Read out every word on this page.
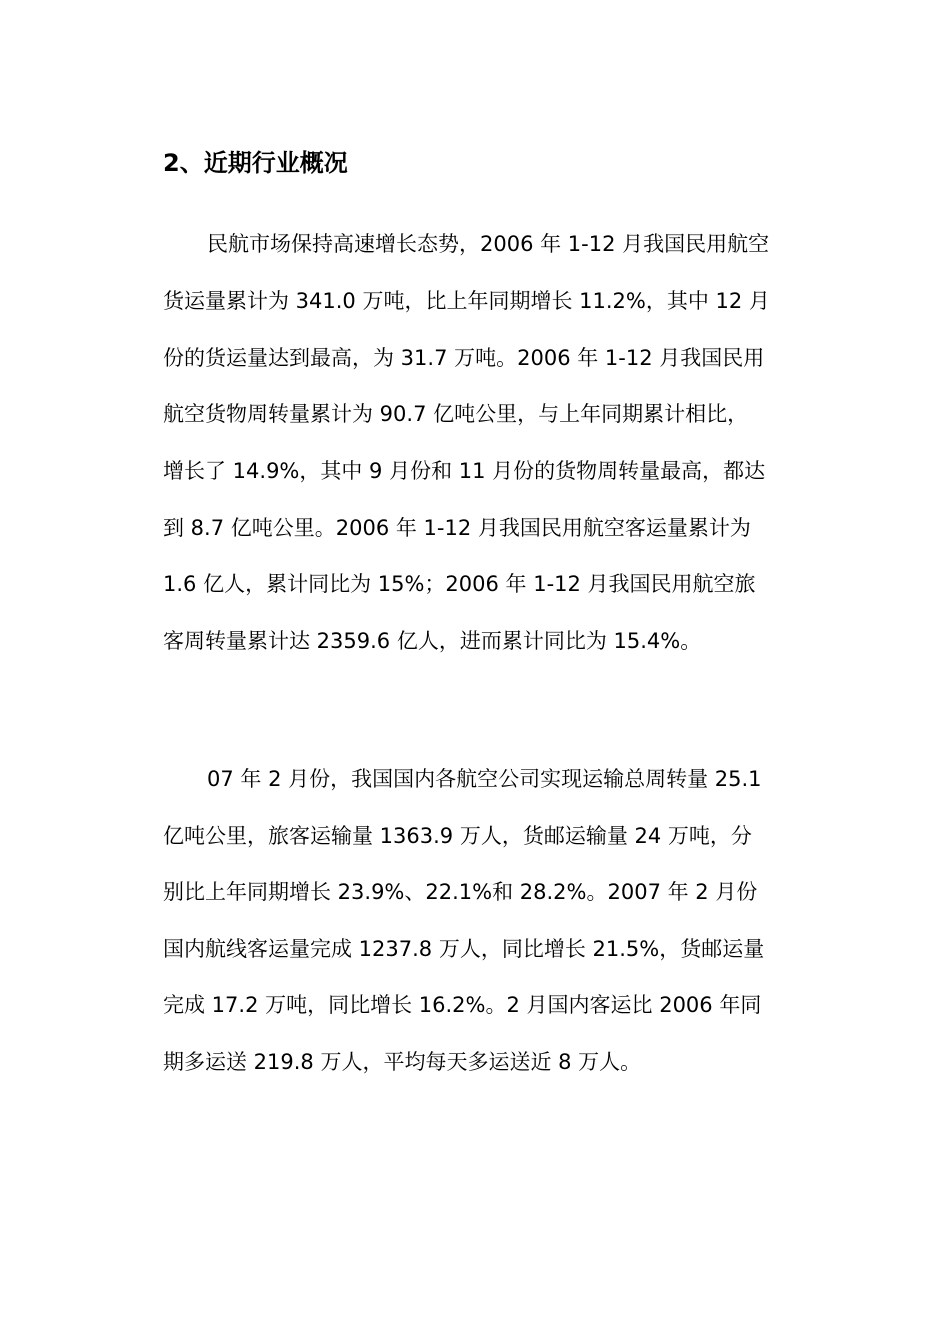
2、近期行业概况
民航市场保持高速增长态势，2006 年 1-12 月我国民用航空
货运量累计为 341.0 万吨，比上年同期增长 11.2%，其中 12 月
份的货运量达到最高，为 31.7 万吨。2006 年 1-12 月我国民用
航空货物周转量累计为 90.7 亿吨公里，与上年同期累计相比，
增长了 14.9%，其中 9 月份和 11 月份的货物周转量最高，都达
到 8.7 亿吨公里。2006 年 1-12 月我国民用航空客运量累计为
1.6 亿人，累计同比为 15%；2006 年 1-12 月我国民用航空旅
客周转量累计达 2359.6 亿人，进而累计同比为 15.4%。
07 年 2 月份，我国国内各航空公司实现运输总周转量 25.1
亿吨公里，旅客运输量 1363.9 万人，货邮运输量 24 万吨，分
别比上年同期增长 23.9%、22.1%和 28.2%。2007 年 2 月份
国内航线客运量完成 1237.8 万人，同比增长 21.5%，货邮运量
完成 17.2 万吨，同比增长 16.2%。2 月国内客运比 2006 年同
期多运送 219.8 万人，平均每天多运送近 8 万人。
